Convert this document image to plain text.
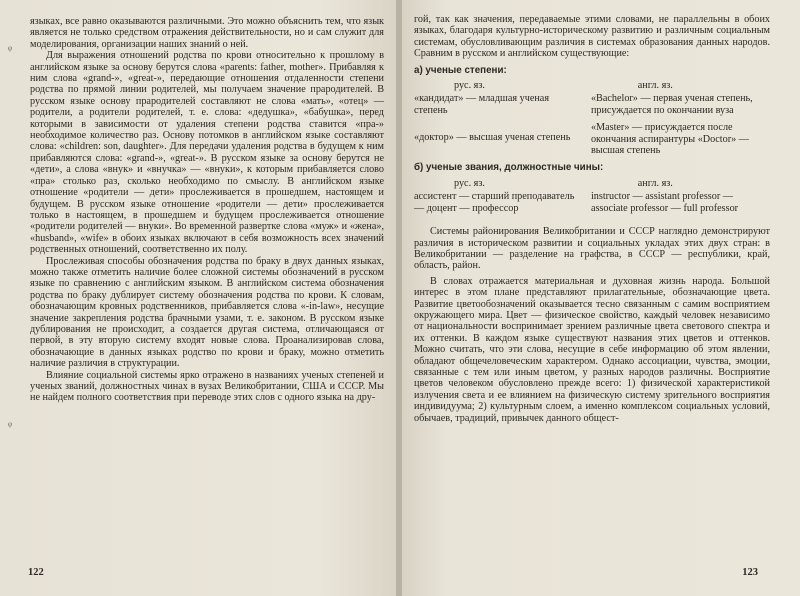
ᵩ
ᵩ

языках, все равно оказываются различными. Это можно объяснить тем, что язык является не только средством отражения действительности, но и сам служит для моделирования, организации наших знаний о ней.

Для выражения отношений родства по крови относительно к прошлому в английском языке за основу берутся слова «parents: father, mother». Прибавляя к ним слова «grand-», «great-», передающие отношения отдаленности степени родства по прямой линии родителей, мы получаем значение прародителей. В русском языке основу прародителей составляют не слова «мать», «отец» — родители, а родители родителей, т. е. слова: «дедушка», «бабушка», перед которыми в зависимости от удаления степени родства ставится «пра-» необходимое количество раз. Основу потомков в английском языке составляют слова: «children: son, daughter». Для передачи удаления родства в будущем к ним прибавляются слова: «grand-», «great-». В русском языке за основу берутся не «дети», а слова «внук» и «внучка» — «внуки», к которым прибавляется слово «пра» столько раз, сколько необходимо по смыслу. В английском языке отношение «родители — дети» прослеживается в прошедшем, настоящем и будущем. В русском языке отношение «родители — дети» прослеживается только в настоящем, в прошедшем и будущем прослеживается отношение «родители родителей — внуки». Во временной развертке слова «муж» и «жена», «husband», «wife» в обоих языках включают в себя возможность всех значений родственных отношений, соответственно их полу.

Прослеживая способы обозначения родства по браку в двух данных языках, можно также отметить наличие более сложной системы обозначений в русском языке по сравнению с английским языком. В английском система обозначения родства по браку дублирует систему обозначения родства по крови. К словам, обозначающим кровных родственников, прибавляется слова «-in-law», несущие значение закрепления родства брачными узами, т. е. законом. В русском языке дублирования не происходит, а создается другая система, отличающаяся от первой, в эту вторую систему входят новые слова. Проанализировав слова, обозначающие в данных языках родство по крови и браку, можно отметить наличие различия в структурации.

Влияние социальной системы ярко отражено в названиях ученых степеней и ученых званий, должностных чинах в вузах Великобритании, США и СССР. Мы не найдем полного соответствия при переводе этих слов с одного языка на дру-

122

гой, так как значения, передаваемые этими словами, не параллельны в обоих языках, благодаря культурно-историческому развитию и различным социальным системам, обусловливающим различия в системах образования данных народов. Сравним в русском и английском существующие:

а) ученые степени:
рус. яз.	англ. яз.
«кандидат» — младшая ученая степень
«Bachelor» — первая ученая степень, присуждается по окончании вуза
«доктор» — высшая ученая степень
«Master» — присуждается после окончания аспирантуры «Doctor» — высшая степень
б) ученые звания, должностные чины:
рус. яз.	англ. яз.
ассистент — старший преподаватель — доцент — профессор
instructor — assistant professor — associate professor — full professor

Системы районирования Великобритании и СССР наглядно демонстрируют различия в историческом развитии и социальных укладах этих двух стран: в Великобритании — разделение на графства, в СССР — республики, край, область, район.

В словах отражается материальная и духовная жизнь народа. Большой интерес в этом плане представляют прилагательные, обозначающие цвета. Развитие цветообозначений оказывается тесно связанным с самим восприятием окружающего мира. Цвет — физическое свойство, каждый человек независимо от национальности воспринимает зрением различные цвета светового спектра и их оттенки. В каждом языке существуют названия этих цветов и оттенков. Можно считать, что эти слова, несущие в себе информацию об этом явлении, обладают общечеловеческим характером. Однако ассоциации, чувства, эмоции, связанные с тем или иным цветом, у разных народов различны. Восприятие цветов человеком обусловлено прежде всего: 1) физической характеристикой излучения света и ее влиянием на физическую систему зрительного восприятия индивидуума; 2) культурным слоем, а именно комплексом социальных условий, обычаев, традиций, привычек данного общест-

123
